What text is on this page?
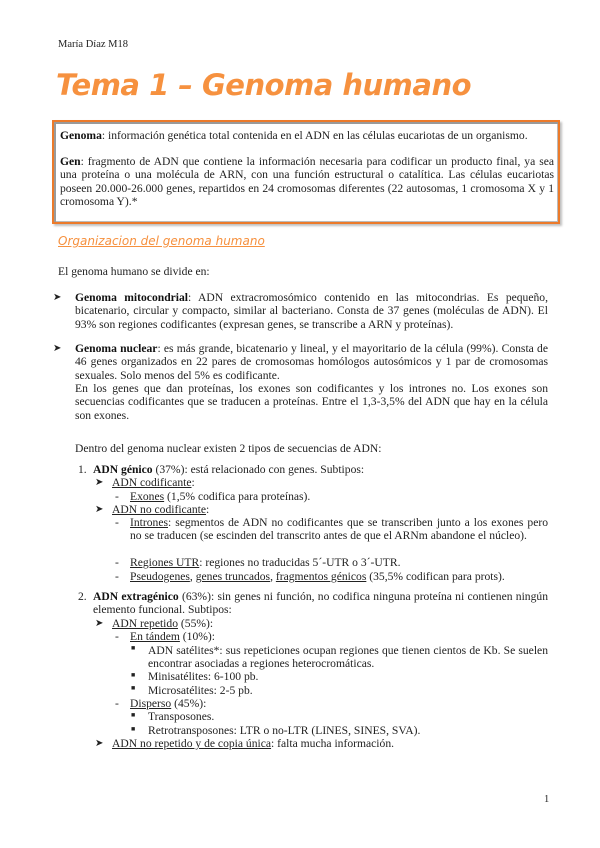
María Díaz M18
Tema 1 – Genoma humano
Genoma: información genética total contenida en el ADN en las células eucariotas de un organismo.
Gen: fragmento de ADN que contiene la información necesaria para codificar un producto final, ya sea una proteína o una molécula de ARN, con una función estructural o catalítica. Las células eucariotas poseen 20.000-26.000 genes, repartidos en 24 cromosomas diferentes (22 autosomas, 1 cromosoma X y 1 cromosoma Y).*
Organizacion del genoma humano
El genoma humano se divide en:
➤ Genoma mitocondrial: ADN extracromosómico contenido en las mitocondrias. Es pequeño, bicatenario, circular y compacto, similar al bacteriano. Consta de 37 genes (moléculas de ADN). El 93% son regiones codificantes (expresan genes, se transcribe a ARN y proteínas).
➤ Genoma nuclear: es más grande, bicatenario y lineal, y el mayoritario de la célula (99%). Consta de 46 genes organizados en 22 pares de cromosomas homólogos autosómicos y 1 par de cromosomas sexuales. Solo menos del 5% es codificante.
En los genes que dan proteínas, los exones son codificantes y los intrones no. Los exones son secuencias codificantes que se traducen a proteínas. Entre el 1,3-3,5% del ADN que hay en la célula son exones.
Dentro del genoma nuclear existen 2 tipos de secuencias de ADN:
1. ADN génico (37%): está relacionado con genes. Subtipos:
➤ ADN codificante:
- Exones (1,5% codifica para proteínas).
➤ ADN no codificante:
- Intrones: segmentos de ADN no codificantes que se transcriben junto a los exones pero no se traducen (se escinden del transcrito antes de que el ARNm abandone el núcleo).
- Regiones UTR: regiones no traducidas 5´-UTR o 3´-UTR.
- Pseudogenes, genes truncados, fragmentos génicos (35,5% codifican para prots).
2. ADN extragénico (63%): sin genes ni función, no codifica ninguna proteína ni contienen ningún elemento funcional. Subtipos:
➤ ADN repetido (55%):
- En tándem (10%):
■ ADN satélites*: sus repeticiones ocupan regiones que tienen cientos de Kb. Se suelen encontrar asociadas a regiones heterocromáticas.
■ Minisatélites: 6-100 pb.
■ Microsatélites: 2-5 pb.
- Disperso (45%):
■ Transposones.
■ Retrotransposones: LTR o no-LTR (LINES, SINES, SVA).
➤ ADN no repetido y de copia única: falta mucha información.
1
